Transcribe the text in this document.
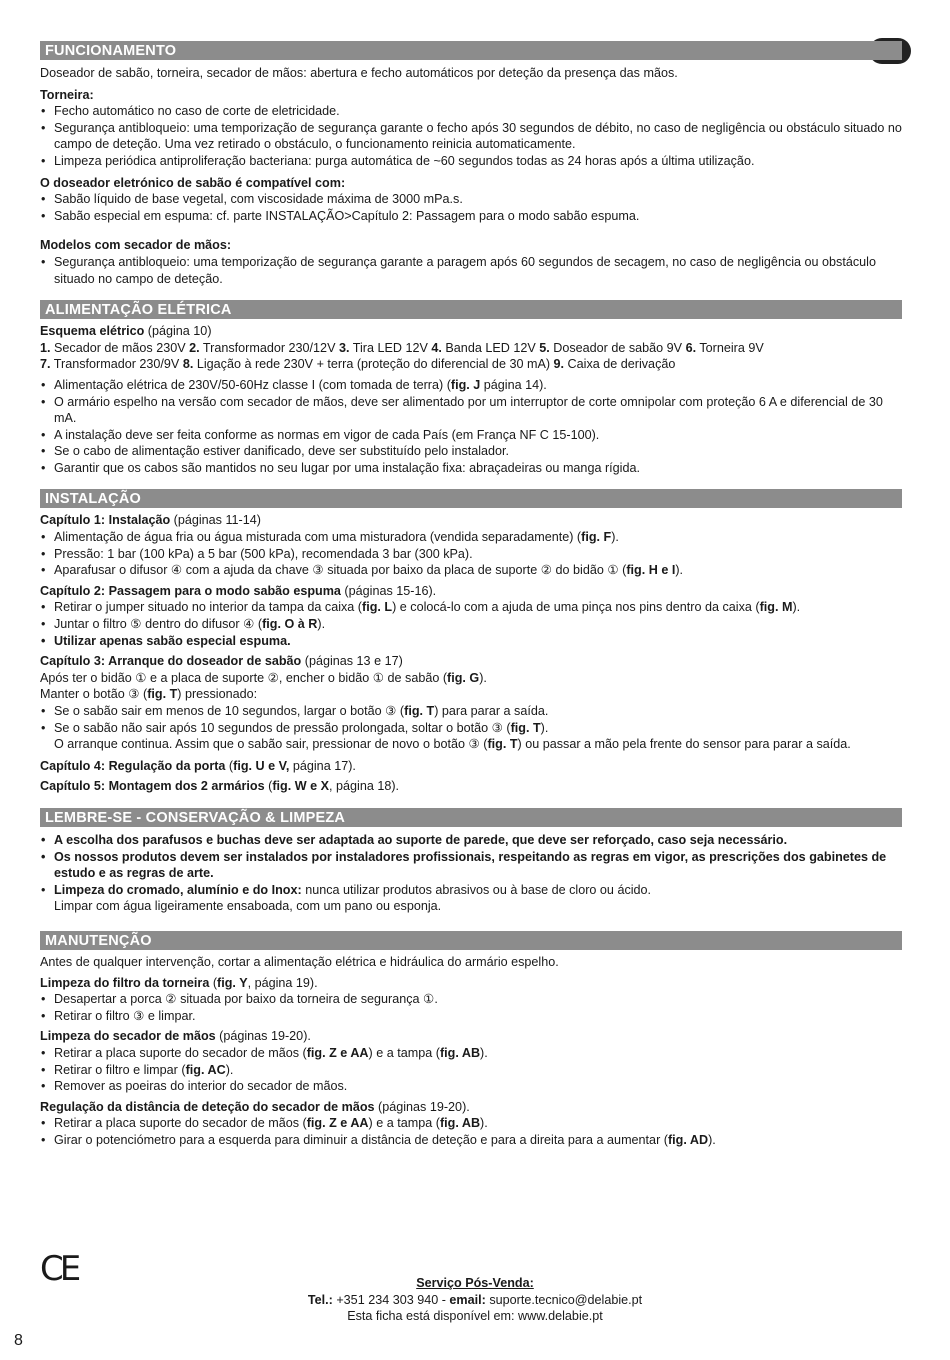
FUNCIONAMENTO

Doseador de sabão, torneira, secador de mãos: abertura e fecho automáticos por deteção da presença das mãos.

Torneira:

• Fecho automático no caso de corte de eletricidade.
• Segurança antibloqueio: uma temporização de segurança garante o fecho após 30 segundos de débito, no caso de negligência ou obstáculo situado no campo de deteção. Uma vez retirado o obstáculo, o funcionamento reinicia automaticamente.
• Limpeza periódica antiproliferação bacteriana: purga automática de ~60 segundos todas as 24 horas após a última utilização.

O doseador eletrónico de sabão é compatível com:

• Sabão líquido de base vegetal, com viscosidade máxima de 3000 mPa.s.
• Sabão especial em espuma: cf. parte INSTALAÇÃO>Capítulo 2: Passagem para o modo sabão espuma.

Modelos com secador de mãos:

• Segurança antibloqueio: uma temporização de segurança garante a paragem após 60 segundos de secagem, no caso de negligência ou obstáculo situado no campo de deteção.
ALIMENTAÇÃO ELÉTRICA

Esquema elétrico (página 10)

1. Secador de mãos 230V 2. Transformador 230/12V 3. Tira LED 12V 4. Banda LED 12V 5. Doseador de sabão 9V 6. Torneira 9V

7. Transformador 230/9V 8. Ligação à rede 230V + terra (proteção do diferencial de 30 mA) 9. Caixa de derivação

• Alimentação elétrica de 230V/50-60Hz classe I (com tomada de terra) (fig. J página 14).
• O armário espelho na versão com secador de mãos, deve ser alimentado por um interruptor de corte omnipolar com proteção 6 A e diferencial de 30 mA.
• A instalação deve ser feita conforme as normas em vigor de cada País (em França NF C 15-100).
• Se o cabo de alimentação estiver danificado, deve ser substituído pelo instalador.
• Garantir que os cabos são mantidos no seu lugar por uma instalação fixa: abraçadeiras ou manga rígida.
INSTALAÇÃO

Capítulo 1: Instalação (páginas 11-14)

• Alimentação de água fria ou água misturada com uma misturadora (vendida separadamente) (fig. F).
• Pressão: 1 bar (100 kPa) a 5 bar (500 kPa), recomendada 3 bar (300 kPa).
• Aparafusar o difusor ④ com a ajuda da chave ③ situada por baixo da placa de suporte ② do bidão ① (fig. H e I).

Capítulo 2: Passagem para o modo sabão espuma (páginas 15-16).

• Retirar o jumper situado no interior da tampa da caixa (fig. L) e colocá-lo com a ajuda de uma pinça nos pins dentro da caixa (fig. M).
• Juntar o filtro ⑤ dentro do difusor ④ (fig. O à R).
• Utilizar apenas sabão especial espuma.

Capítulo 3: Arranque do doseador de sabão (páginas 13 e 17)

Após ter o bidão ① e a placa de suporte ②, encher o bidão ① de sabão (fig. G).

Manter o botão ③ (fig. T) pressionado:

• Se o sabão sair em menos de 10 segundos, largar o botão ③ (fig. T) para parar a saída.
• Se o sabão não sair após 10 segundos de pressão prolongada, soltar o botão ③ (fig. T).
O arranque continua. Assim que o sabão sair, pressionar de novo o botão ③ (fig. T) ou passar a mão pela frente do sensor para parar a saída.

Capítulo 4: Regulação da porta (fig. U e V, página 17).

Capítulo 5: Montagem dos 2 armários (fig. W e X, página 18).

LEMBRE-SE - CONSERVAÇÃO & LIMPEZA
• A escolha dos parafusos e buchas deve ser adaptada ao suporte de parede, que deve ser reforçado, caso seja necessário.
• Os nossos produtos devem ser instalados por instaladores profissionais, respeitando as regras em vigor, as prescrições dos gabinetes de estudo e as regras de arte.
• Limpeza do cromado, alumínio e do Inox: nunca utilizar produtos abrasivos ou à base de cloro ou ácido.
Limpar com água ligeiramente ensaboada, com um pano ou esponja.
MANUTENÇÃO

Antes de qualquer intervenção, cortar a alimentação elétrica e hidráulica do armário espelho.

Limpeza do filtro da torneira (fig. Y, página 19).

• Desapertar a porca ② situada por baixo da torneira de segurança ①.
• Retirar o filtro ③ e limpar.

Limpeza do secador de mãos (páginas 19-20).

• Retirar a placa suporte do secador de mãos (fig. Z e AA) e a tampa (fig. AB).
• Retirar o filtro e limpar (fig. AC).
• Remover as poeiras do interior do secador de mãos.

Regulação da distância de deteção do secador de mãos (páginas 19-20).

• Retirar a placa suporte do secador de mãos (fig. Z e AA) e a tampa (fig. AB).
• Girar o potenciómetro para a esquerda para diminuir a distância de deteção e para a direita para a aumentar (fig. AD).
CE	Serviço Pós-Venda:
Tel.: +351 234 303 940 - email: suporte.tecnico@delabie.pt
Esta ficha está disponível em: www.delabie.pt
8
